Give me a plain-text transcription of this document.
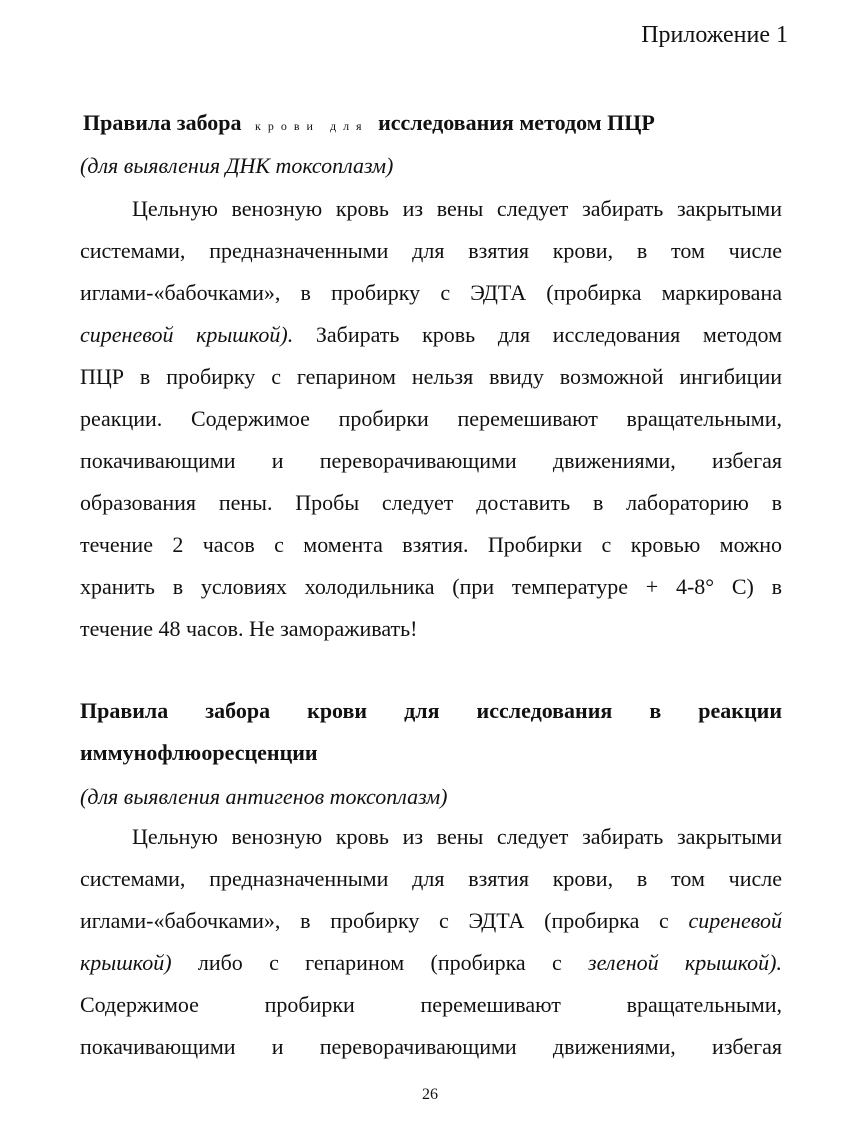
Приложение 1
Правила забора крови для исследования методом ПЦР
(для выявления ДНК токсоплазм)
Цельную венозную кровь из вены следует забирать закрытыми
системами, предназначенными для взятия крови, в том числе
иглами-«бабочками», в пробирку с ЭДТА (пробирка маркирована
сиреневой крышкой). Забирать кровь для исследования методом
ПЦР в пробирку с гепарином нельзя ввиду возможной ингибиции
реакции. Содержимое пробирки перемешивают вращательными,
покачивающими и переворачивающими движениями, избегая
образования пены. Пробы следует доставить в лабораторию в
течение 2 часов с момента взятия. Пробирки с кровью можно
хранить в условиях холодильника (при температуре + 4-8° С) в
течение 48 часов. Не замораживать!
Правила забора крови для исследования в реакции
иммунофлюоресценции
(для выявления антигенов токсоплазм)
Цельную венозную кровь из вены следует забирать закрытыми
системами, предназначенными для взятия крови, в том числе
иглами-«бабочками», в пробирку с ЭДТА (пробирка с сиреневой
крышкой) либо с гепарином (пробирка с зеленой крышкой).
Содержимое пробирки перемешивают вращательными,
покачивающими и переворачивающими движениями, избегая
26
